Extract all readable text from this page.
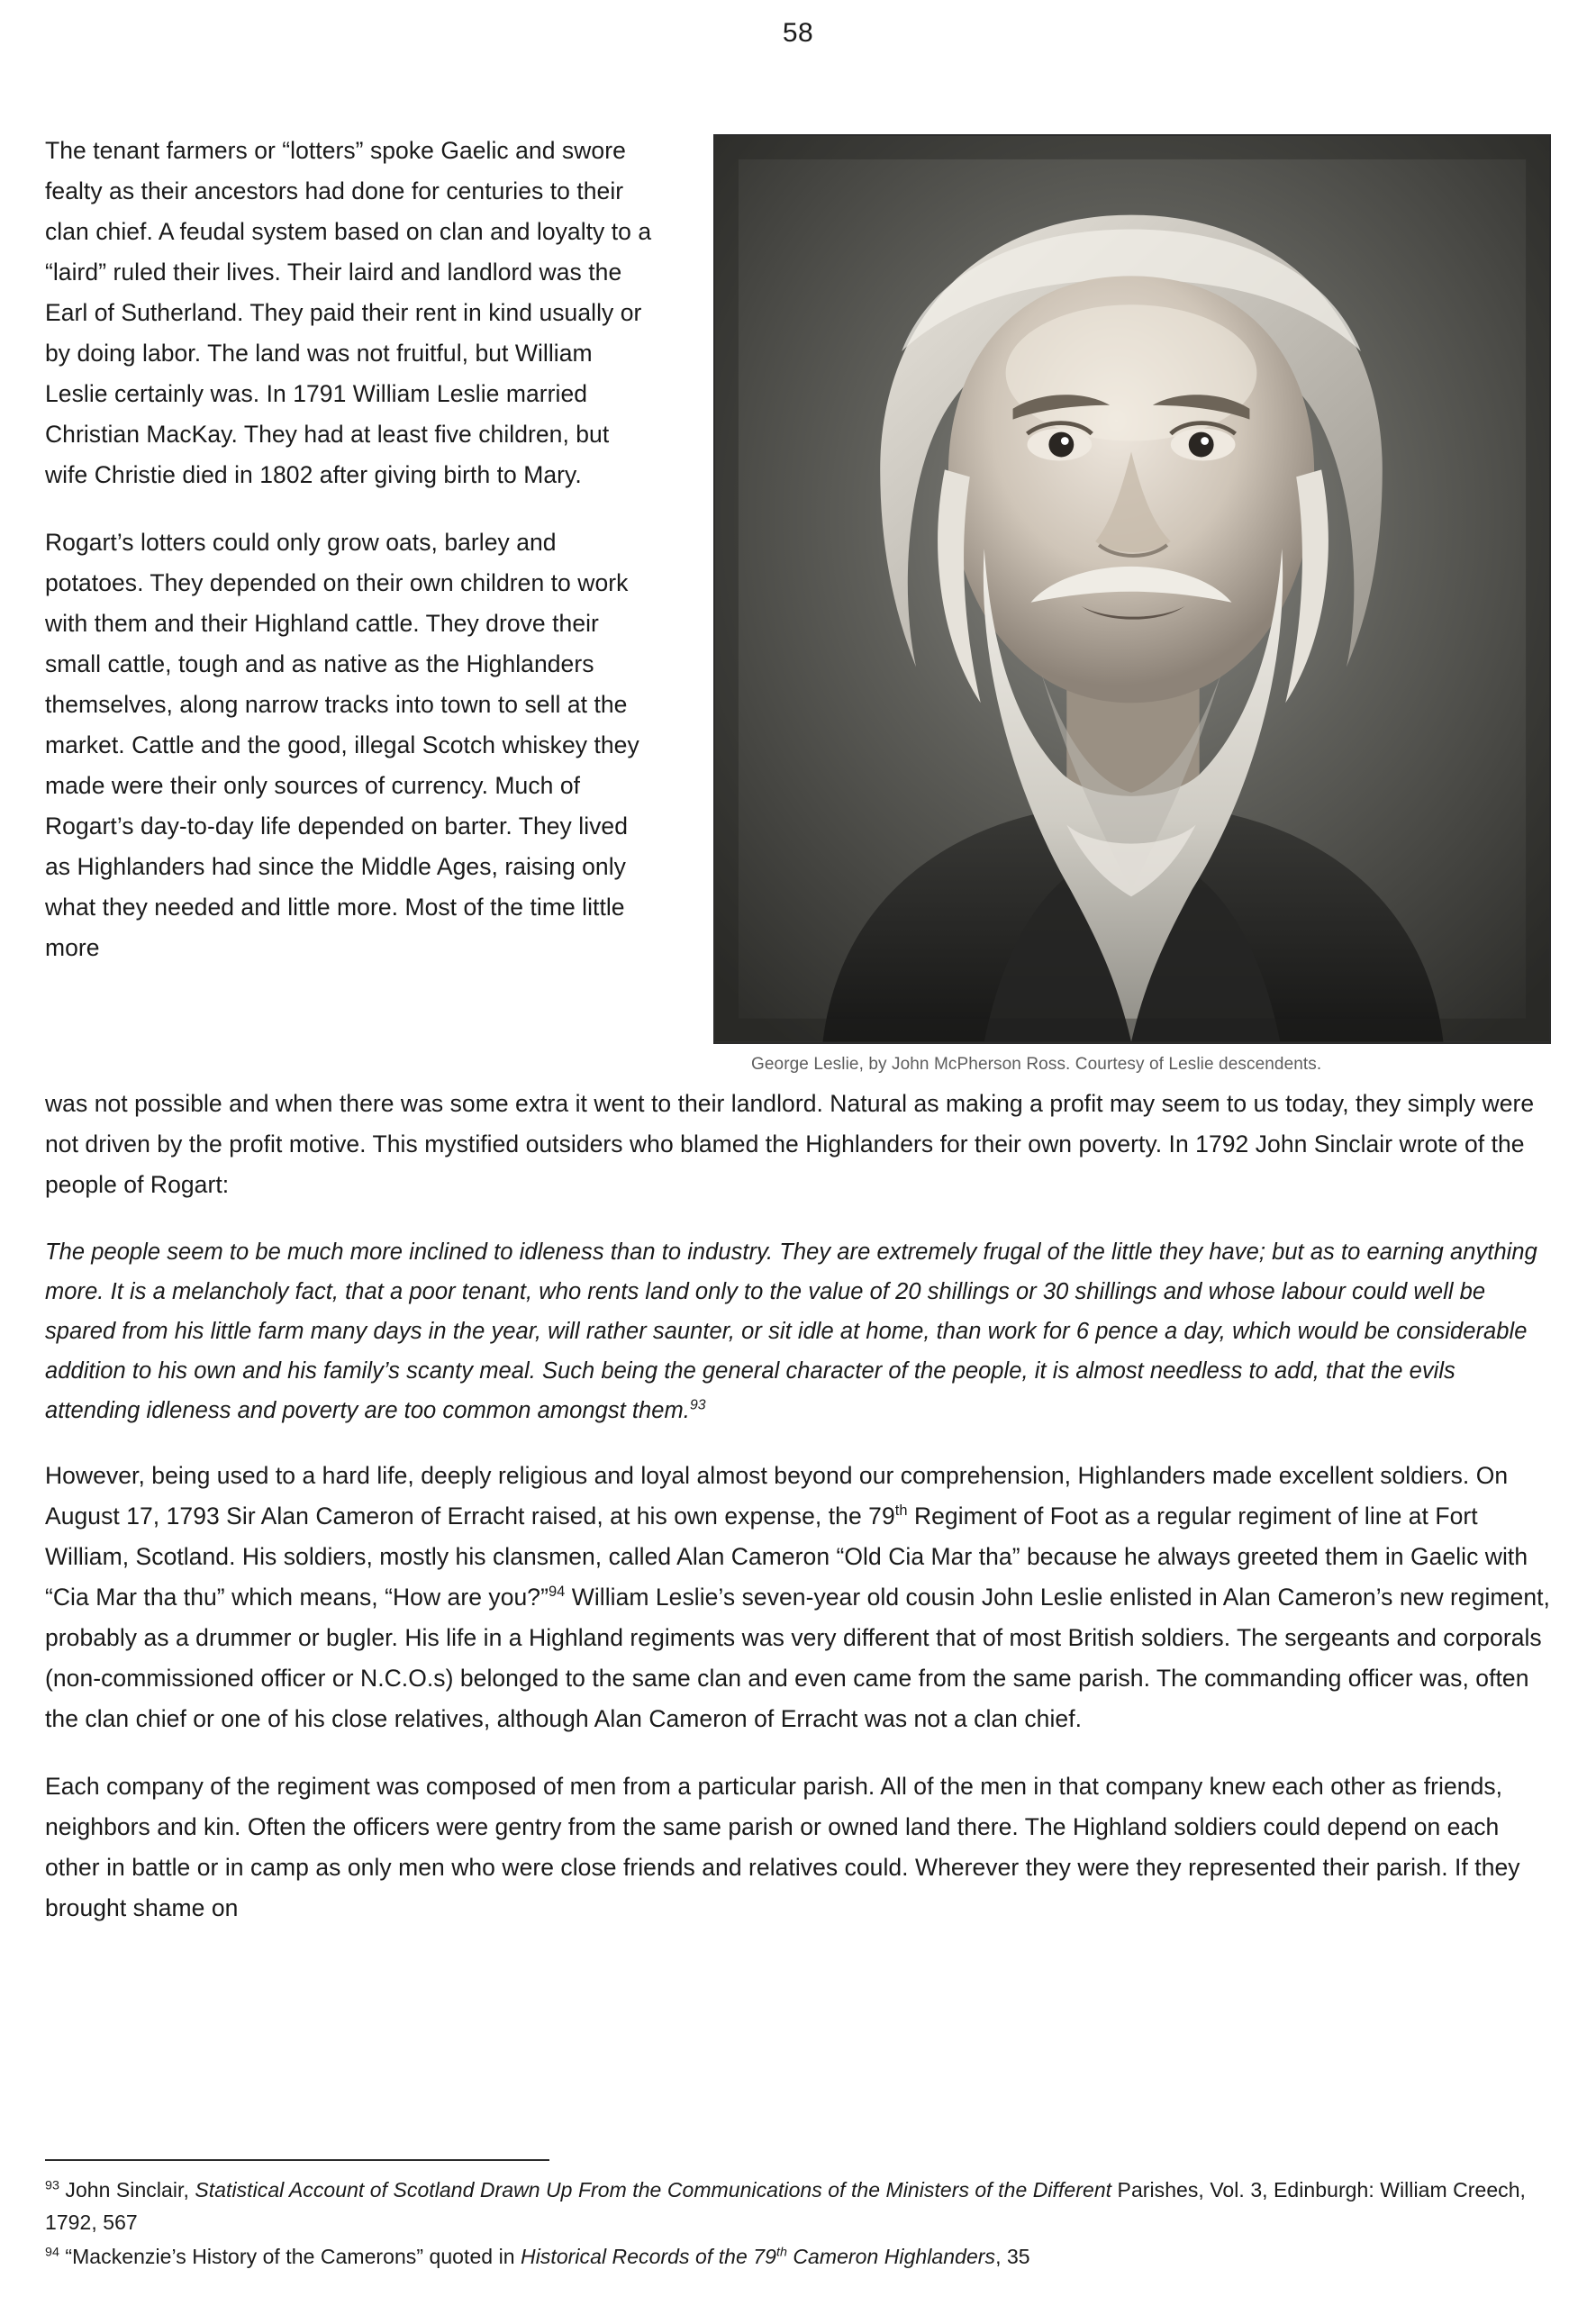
58
George Leslie, by John McPherson Ross. Courtesy of Leslie descendents.

The tenant farmers or “lotters” spoke Gaelic and swore fealty as their ancestors had done for centuries to their clan chief. A feudal system based on clan and loyalty to a “laird” ruled their lives. Their laird and landlord was the Earl of Sutherland. They paid their rent in kind usually or by doing labor. The land was not fruitful, but William Leslie certainly was. In 1791 William Leslie married Christian MacKay. They had at least five children, but wife Christie died in 1802 after giving birth to Mary.

Rogart’s lotters could only grow oats, barley and potatoes. They depended on their own children to work with them and their Highland cattle. They drove their small cattle, tough and as native as the Highlanders themselves, along narrow tracks into town to sell at the market. Cattle and the good, illegal Scotch whiskey they made were their only sources of currency. Much of Rogart’s day-to-day life depended on barter. They lived as Highlanders had since the Middle Ages, raising only what they needed and little more. Most of the time little more

was not possible and when there was some extra it went to their landlord. Natural as making a profit may seem to us today, they simply were not driven by the profit motive. This mystified outsiders who blamed the Highlanders for their own poverty. In 1792 John Sinclair wrote of the people of Rogart:

The people seem to be much more inclined to idleness than to industry. They are extremely frugal of the little they have; but as to earning anything more. It is a melancholy fact, that a poor tenant, who rents land only to the value of 20 shillings or 30 shillings and whose labour could well be spared from his little farm many days in the year, will rather saunter, or sit idle at home, than work for 6 pence a day, which would be considerable addition to his own and his family’s scanty meal. Such being the general character of the people, it is almost needless to add, that the evils attending idleness and poverty are too common amongst them.$^{93}$

However, being used to a hard life, deeply religious and loyal almost beyond our comprehension, Highlanders made excellent soldiers. On August 17, 1793 Sir Alan Cameron of Erracht raised, at his own expense, the 79th Regiment of Foot as a regular regiment of line at Fort William, Scotland. His soldiers, mostly his clansmen, called Alan Cameron “Old Cia Mar tha” because he always greeted them in Gaelic with “Cia Mar tha thu” which means, “How are you?”$^{94}$ William Leslie’s seven-year old cousin John Leslie enlisted in Alan Cameron’s new regiment, probably as a drummer or bugler. His life in a Highland regiments was very different that of most British soldiers. The sergeants and corporals (non-commissioned officer or N.C.O.s) belonged to the same clan and even came from the same parish. The commanding officer was, often the clan chief or one of his close relatives, although Alan Cameron of Erracht was not a clan chief.

Each company of the regiment was composed of men from a particular parish. All of the men in that company knew each other as friends, neighbors and kin. Often the officers were gentry from the same parish or owned land there. The Highland soldiers could depend on each other in battle or in camp as only men who were close friends and relatives could. Wherever they were they represented their parish. If they brought shame on

$^{93}$ John Sinclair, Statistical Account of Scotland Drawn Up From the Communications of the Ministers of the Different Parishes, Vol. 3, Edinburgh: William Creech, 1792, 567

$^{94}$ “Mackenzie’s History of the Camerons” quoted in Historical Records of the 79th Cameron Highlanders, 35
